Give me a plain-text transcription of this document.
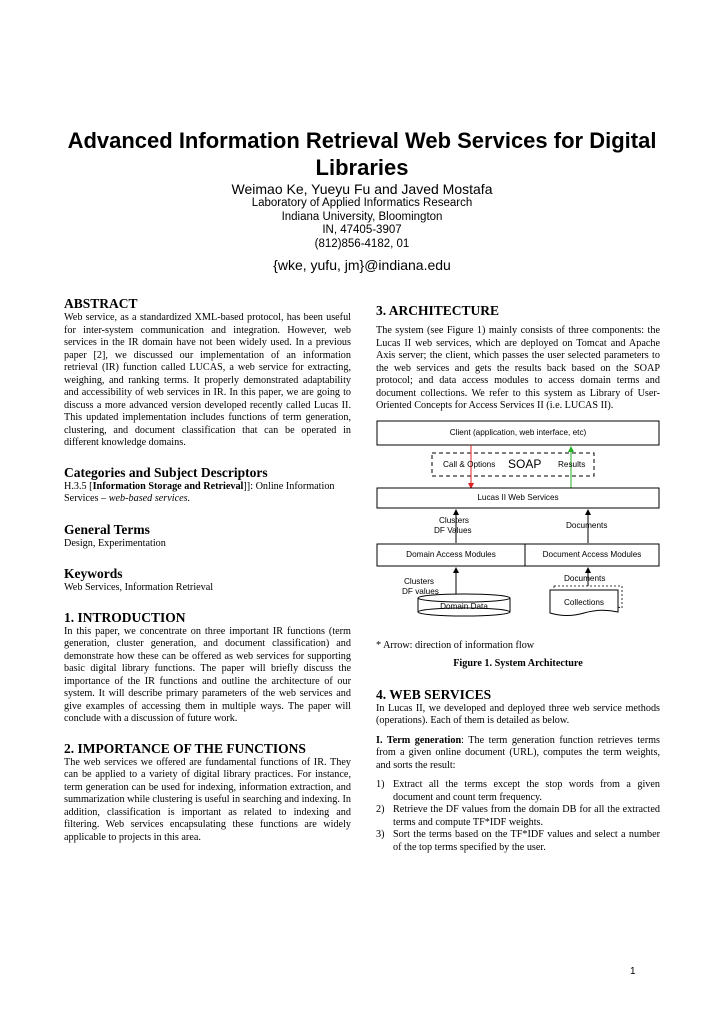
Advanced Information Retrieval Web Services for Digital Libraries
Weimao Ke, Yueyu Fu and Javed Mostafa
Laboratory of Applied Informatics Research
Indiana University, Bloomington
IN, 47405-3907
(812)856-4182, 01
{wke, yufu, jm}@indiana.edu
ABSTRACT

Web service, as a standardized XML-based protocol, has been useful for inter-system communication and integration. However, web services in the IR domain have not been widely used. In a previous paper [2], we discussed our implementation of an information retrieval (IR) function called LUCAS, a web service for extracting, weighing, and ranking terms. It properly demonstrated adaptability and accessibility of web services in IR. In this paper, we are going to discuss a more advanced version developed recently called Lucas II. This updated implementation includes functions of term generation, clustering, and document classification that can be operated in different knowledge domains.

Categories and Subject Descriptors

H.3.5 [Information Storage and Retrieval]]: Online Information Services – web-based services.

General Terms

Design, Experimentation

Keywords

Web Services, Information Retrieval

1. INTRODUCTION

In this paper, we concentrate on three important IR functions (term generation, cluster generation, and document classification) and demonstrate how these can be offered as web services for supporting basic digital library functions. The paper will briefly discuss the importance of the IR functions and outline the architecture of our system. It will describe primary parameters of the web services and give examples of accessing them in multiple ways. The paper will conclude with a discussion of future work.

2. IMPORTANCE OF THE FUNCTIONS

The web services we offered are fundamental functions of IR. They can be applied to a variety of digital library practices. For instance, term generation can be used for indexing, information extraction, and summarization while clustering is useful in searching and indexing. In addition, classification is important as related to indexing and filtering. Web services encapsulating these functions are widely applicable to projects in this area.

3. ARCHITECTURE

The system (see Figure 1) mainly consists of three components: the Lucas II web services, which are deployed on Tomcat and Apache Axis server; the client, which passes the user selected parameters to the web services and gets the results back based on the SOAP protocol; and data access modules to access domain terms and document collections. We refer to this system as Library of User-Oriented Concepts for Access Services II (i.e. LUCAS II).

Client (application, web interface, etc)
Call & Options SOAP Results
Lucas II Web Services
Clusters
DF Values
Documents
Domain Access Modules	Document Access Modules
Clusters
DF values
Documents
Domain Data	Collections

* Arrow: direction of information flow

Figure 1. System Architecture
4. WEB SERVICES

In Lucas II, we developed and deployed three web service methods (operations). Each of them is detailed as below.

I. Term generation: The term generation function retrieves terms from a given online document (URL), computes the term weights, and sorts the result:

1) Extract all the terms except the stop words from a given document and count term frequency.
2) Retrieve the DF values from the domain DB for all the extracted terms and compute TF*IDF weights.
3) Sort the terms based on the TF*IDF values and select a number of the top terms specified by the user.
1
